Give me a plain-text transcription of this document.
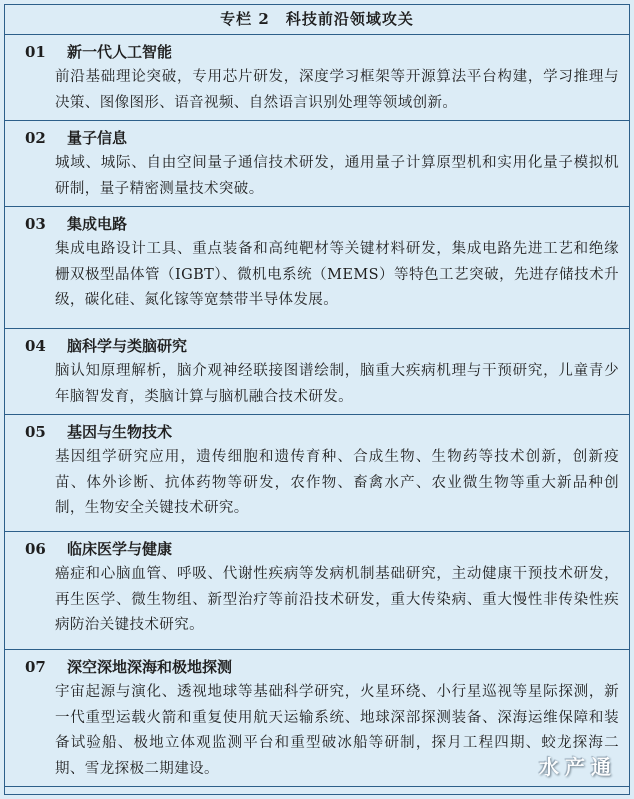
专栏 2　科技前沿领域攻关
01	新一代人工智能
前沿基础理论突破，专用芯片研发，深度学习框架等开源算法平台构建，学习推理与决策、图像图形、语音视频、自然语言识别处理等领域创新。
02	量子信息
城域、城际、自由空间量子通信技术研发，通用量子计算原型机和实用化量子模拟机研制，量子精密测量技术突破。
03	集成电路
集成电路设计工具、重点装备和高纯靶材等关键材料研发，集成电路先进工艺和绝缘栅双极型晶体管（IGBT）、微机电系统（MEMS）等特色工艺突破，先进存储技术升级，碳化硅、氮化镓等宽禁带半导体发展。
04	脑科学与类脑研究
脑认知原理解析，脑介观神经联接图谱绘制，脑重大疾病机理与干预研究，儿童青少年脑智发育，类脑计算与脑机融合技术研发。
05	基因与生物技术
基因组学研究应用，遗传细胞和遗传育种、合成生物、生物药等技术创新，创新疫苗、体外诊断、抗体药物等研发，农作物、畜禽水产、农业微生物等重大新品种创制，生物安全关键技术研究。
06	临床医学与健康
癌症和心脑血管、呼吸、代谢性疾病等发病机制基础研究，主动健康干预技术研发，再生医学、微生物组、新型治疗等前沿技术研发，重大传染病、重大慢性非传染性疾病防治关键技术研究。
07	深空深地深海和极地探测
宇宙起源与演化、透视地球等基础科学研究，火星环绕、小行星巡视等星际探测，新一代重型运载火箭和重复使用航天运输系统、地球深部探测装备、深海运维保障和装备试验船、极地立体观监测平台和重型破冰船等研制，探月工程四期、蛟龙探海二期、雪龙探极二期建设。	水产通
